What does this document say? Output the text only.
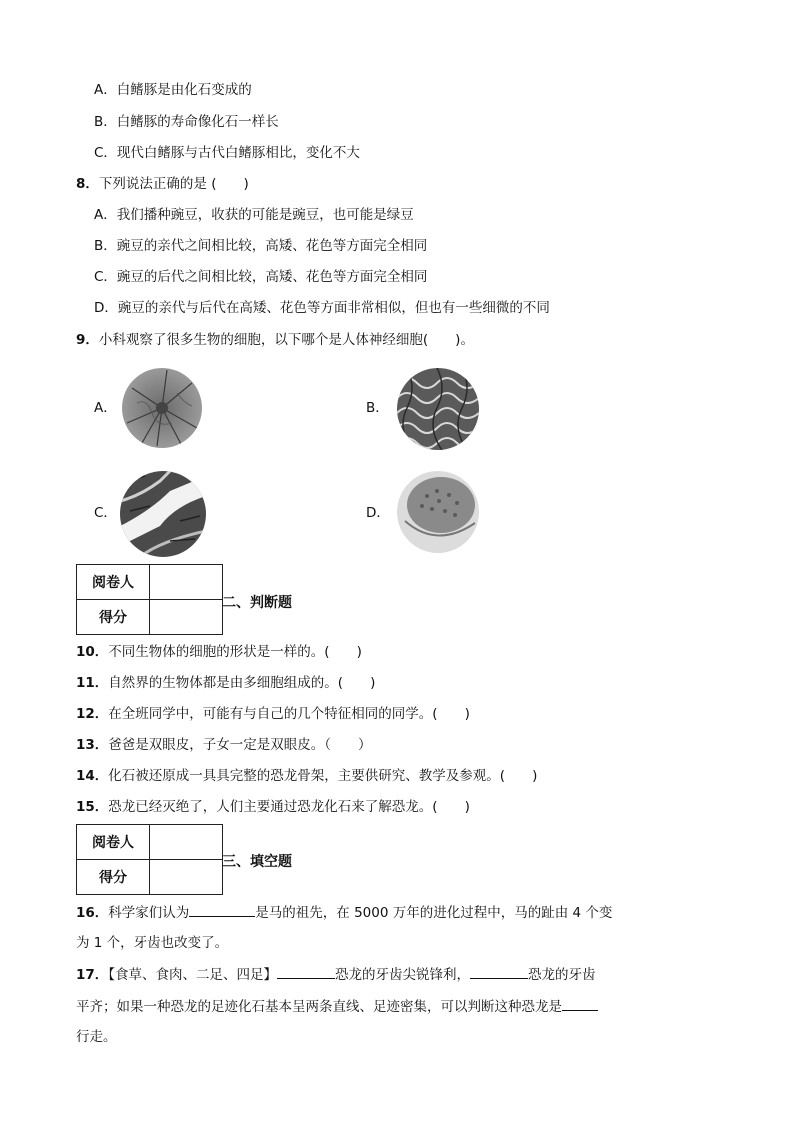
A．白鳍豚是由化石变成的
B．白鳍豚的寿命像化石一样长
C．现代白鳍豚与古代白鳍豚相比，变化不大
8．下列说法正确的是 (　　)
A．我们播种豌豆，收获的可能是豌豆，也可能是绿豆
B．豌豆的亲代之间相比较，高矮、花色等方面完全相同
C．豌豆的后代之间相比较，高矮、花色等方面完全相同
D．豌豆的亲代与后代在高矮、花色等方面非常相似，但也有一些细微的不同
9．小科观察了很多生物的细胞，以下哪个是人体神经细胞(　　)。
A．	B．
C．	D．
阅卷人	
得分	
二、判断题
10．不同生物体的细胞的形状是一样的。(　　)
11．自然界的生物体都是由多细胞组成的。(　　)
12．在全班同学中，可能有与自己的几个特征相同的同学。(　　)
13．爸爸是双眼皮，子女一定是双眼皮。（　　）
14．化石被还原成一具具完整的恐龙骨架，主要供研究、教学及参观。(　　)
15．恐龙已经灭绝了，人们主要通过恐龙化石来了解恐龙。(　　)
阅卷人	
得分	
三、填空题
16．科学家们认为	是马的祖先，在 5000 万年的进化过程中，马的趾由 4 个变
为 1 个，牙齿也改变了。
17．【食草、食肉、二足、四足】	恐龙的牙齿尖锐锋利，	恐龙的牙齿
平齐；如果一种恐龙的足迹化石基本呈两条直线、足迹密集，可以判断这种恐龙是
行走。
